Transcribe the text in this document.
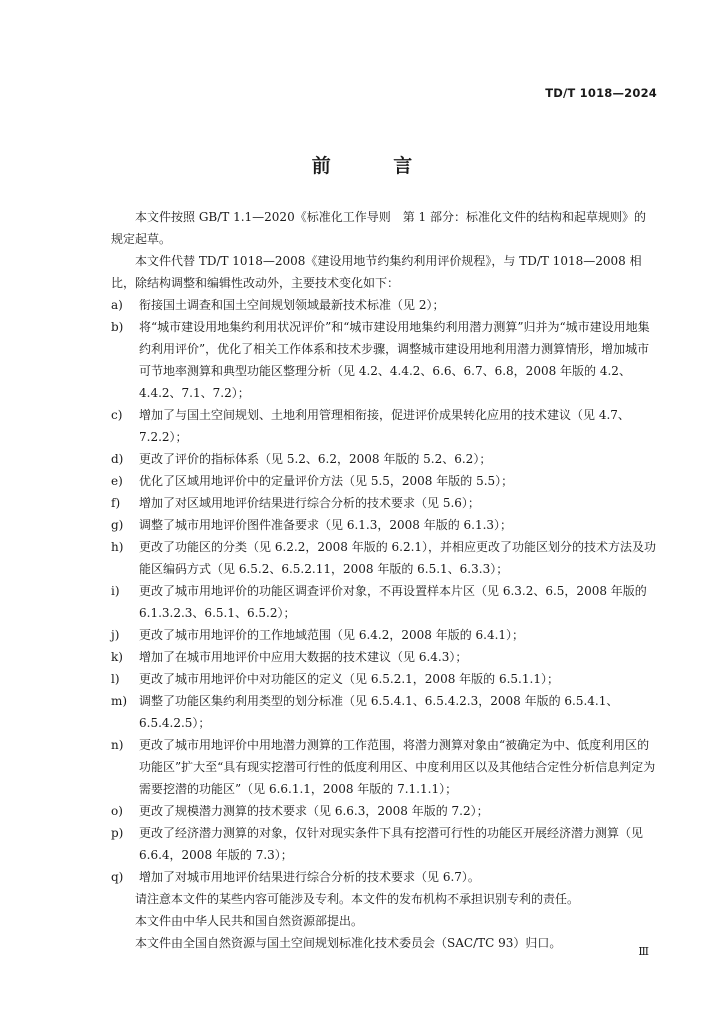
TD/T 1018—2024
前 言
本文件按照 GB/T 1.1—2020《标准化工作导则　第 1 部分：标准化文件的结构和起草规则》的规定起草。
本文件代替 TD/T 1018—2008《建设用地节约集约利用评价规程》，与 TD/T 1018—2008 相比，除结构调整和编辑性改动外，主要技术变化如下：
a) 衔接国土调查和国土空间规划领域最新技术标准（见 2）；
b) 将“城市建设用地集约利用状况评价”和“城市建设用地集约利用潜力测算”归并为“城市建设用地集约利用评价”，优化了相关工作体系和技术步骤，调整城市建设用地利用潜力测算情形，增加城市可节地率测算和典型功能区整理分析（见 4.2、4.4.2、6.6、6.7、6.8，2008 年版的 4.2、4.4.2、7.1、7.2）；
c) 增加了与国土空间规划、土地利用管理相衔接，促进评价成果转化应用的技术建议（见 4.7、7.2.2）；
d) 更改了评价的指标体系（见 5.2、6.2，2008 年版的 5.2、6.2）；
e) 优化了区域用地评价中的定量评价方法（见 5.5，2008 年版的 5.5）；
f) 增加了对区域用地评价结果进行综合分析的技术要求（见 5.6）；
g) 调整了城市用地评价图件准备要求（见 6.1.3，2008 年版的 6.1.3）；
h) 更改了功能区的分类（见 6.2.2，2008 年版的 6.2.1），并相应更改了功能区划分的技术方法及功能区编码方式（见 6.5.2、6.5.2.11，2008 年版的 6.5.1、6.3.3）；
i) 更改了城市用地评价的功能区调查评价对象，不再设置样本片区（见 6.3.2、6.5，2008 年版的 6.1.3.2.3、6.5.1、6.5.2）；
j) 更改了城市用地评价的工作地域范围（见 6.4.2，2008 年版的 6.4.1）；
k) 增加了在城市用地评价中应用大数据的技术建议（见 6.4.3）；
l) 更改了城市用地评价中对功能区的定义（见 6.5.2.1，2008 年版的 6.5.1.1）；
m) 调整了功能区集约利用类型的划分标准（见 6.5.4.1、6.5.4.2.3，2008 年版的 6.5.4.1、6.5.4.2.5）；
n) 更改了城市用地评价中用地潜力测算的工作范围，将潜力测算对象由“被确定为中、低度利用区的功能区”扩大至“具有现实挖潜可行性的低度利用区、中度利用区以及其他结合定性分析信息判定为需要挖潜的功能区”（见 6.6.1.1，2008 年版的 7.1.1.1）；
o) 更改了规模潜力测算的技术要求（见 6.6.3，2008 年版的 7.2）；
p) 更改了经济潜力测算的对象，仅针对现实条件下具有挖潜可行性的功能区开展经济潜力测算（见 6.6.4，2008 年版的 7.3）；
q) 增加了对城市用地评价结果进行综合分析的技术要求（见 6.7）。
请注意本文件的某些内容可能涉及专利。本文件的发布机构不承担识别专利的责任。
本文件由中华人民共和国自然资源部提出。
本文件由全国自然资源与国土空间规划标准化技术委员会（SAC/TC 93）归口。
Ⅲ
